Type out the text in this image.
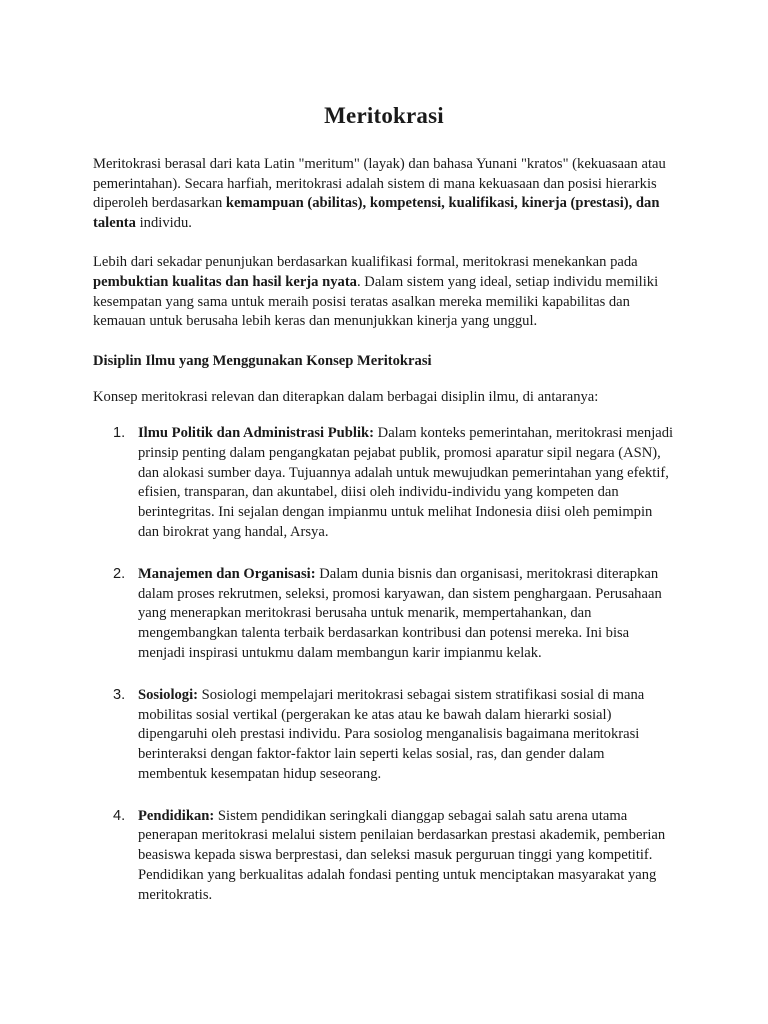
Meritokrasi

Meritokrasi berasal dari kata Latin "meritum" (layak) dan bahasa Yunani "kratos" (kekuasaan atau pemerintahan). Secara harfiah, meritokrasi adalah sistem di mana kekuasaan dan posisi hierarkis diperoleh berdasarkan kemampuan (abilitas), kompetensi, kualifikasi, kinerja (prestasi), dan talenta individu.

Lebih dari sekadar penunjukan berdasarkan kualifikasi formal, meritokrasi menekankan pada pembuktian kualitas dan hasil kerja nyata. Dalam sistem yang ideal, setiap individu memiliki kesempatan yang sama untuk meraih posisi teratas asalkan mereka memiliki kapabilitas dan kemauan untuk berusaha lebih keras dan menunjukkan kinerja yang unggul.

Disiplin Ilmu yang Menggunakan Konsep Meritokrasi

Konsep meritokrasi relevan dan diterapkan dalam berbagai disiplin ilmu, di antaranya:

1. Ilmu Politik dan Administrasi Publik: Dalam konteks pemerintahan, meritokrasi menjadi prinsip penting dalam pengangkatan pejabat publik, promosi aparatur sipil negara (ASN), dan alokasi sumber daya. Tujuannya adalah untuk mewujudkan pemerintahan yang efektif, efisien, transparan, dan akuntabel, diisi oleh individu-individu yang kompeten dan berintegritas. Ini sejalan dengan impianmu untuk melihat Indonesia diisi oleh pemimpin dan birokrat yang handal, Arsya.
2. Manajemen dan Organisasi: Dalam dunia bisnis dan organisasi, meritokrasi diterapkan dalam proses rekrutmen, seleksi, promosi karyawan, dan sistem penghargaan. Perusahaan yang menerapkan meritokrasi berusaha untuk menarik, mempertahankan, dan mengembangkan talenta terbaik berdasarkan kontribusi dan potensi mereka. Ini bisa menjadi inspirasi untukmu dalam membangun karir impianmu kelak.
3. Sosiologi: Sosiologi mempelajari meritokrasi sebagai sistem stratifikasi sosial di mana mobilitas sosial vertikal (pergerakan ke atas atau ke bawah dalam hierarki sosial) dipengaruhi oleh prestasi individu. Para sosiolog menganalisis bagaimana meritokrasi berinteraksi dengan faktor-faktor lain seperti kelas sosial, ras, dan gender dalam membentuk kesempatan hidup seseorang.
4. Pendidikan: Sistem pendidikan seringkali dianggap sebagai salah satu arena utama penerapan meritokrasi melalui sistem penilaian berdasarkan prestasi akademik, pemberian beasiswa kepada siswa berprestasi, dan seleksi masuk perguruan tinggi yang kompetitif. Pendidikan yang berkualitas adalah fondasi penting untuk menciptakan masyarakat yang meritokratis.
